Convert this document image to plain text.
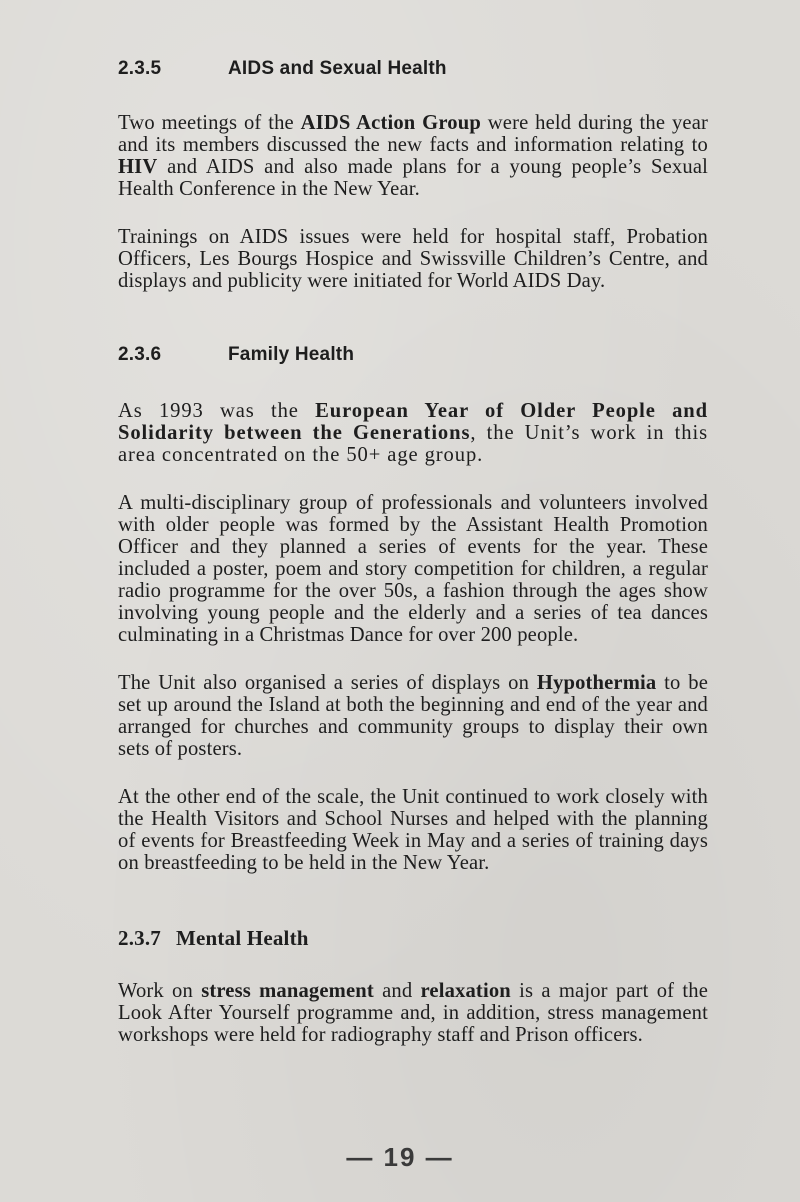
2.3.5	AIDS and Sexual Health

Two meetings of the AIDS Action Group were held during the year and its members discussed the new facts and information relating to HIV and AIDS and also made plans for a young people’s Sexual Health Conference in the New Year.

Trainings on AIDS issues were held for hospital staff, Probation Officers, Les Bourgs Hospice and Swissville Children’s Centre, and displays and publicity were initiated for World AIDS Day.

2.3.6	Family Health

As 1993 was the European Year of Older People and Solidarity between the Generations, the Unit’s work in this area concentrated on the 50+ age group.

A multi-disciplinary group of professionals and volunteers involved with older people was formed by the Assistant Health Promotion Officer and they planned a series of events for the year. These included a poster, poem and story competition for children, a regular radio programme for the over 50s, a fashion through the ages show involving young people and the elderly and a series of tea dances culminating in a Christmas Dance for over 200 people.

The Unit also organised a series of displays on Hypothermia to be set up around the Island at both the beginning and end of the year and arranged for churches and community groups to display their own sets of posters.

At the other end of the scale, the Unit continued to work closely with the Health Visitors and School Nurses and helped with the planning of events for Breastfeeding Week in May and a series of training days on breastfeeding to be held in the New Year.

2.3.7 Mental Health

Work on stress management and relaxation is a major part of the Look After Yourself programme and, in addition, stress management workshops were held for radiography staff and Prison officers.

— 19 —
